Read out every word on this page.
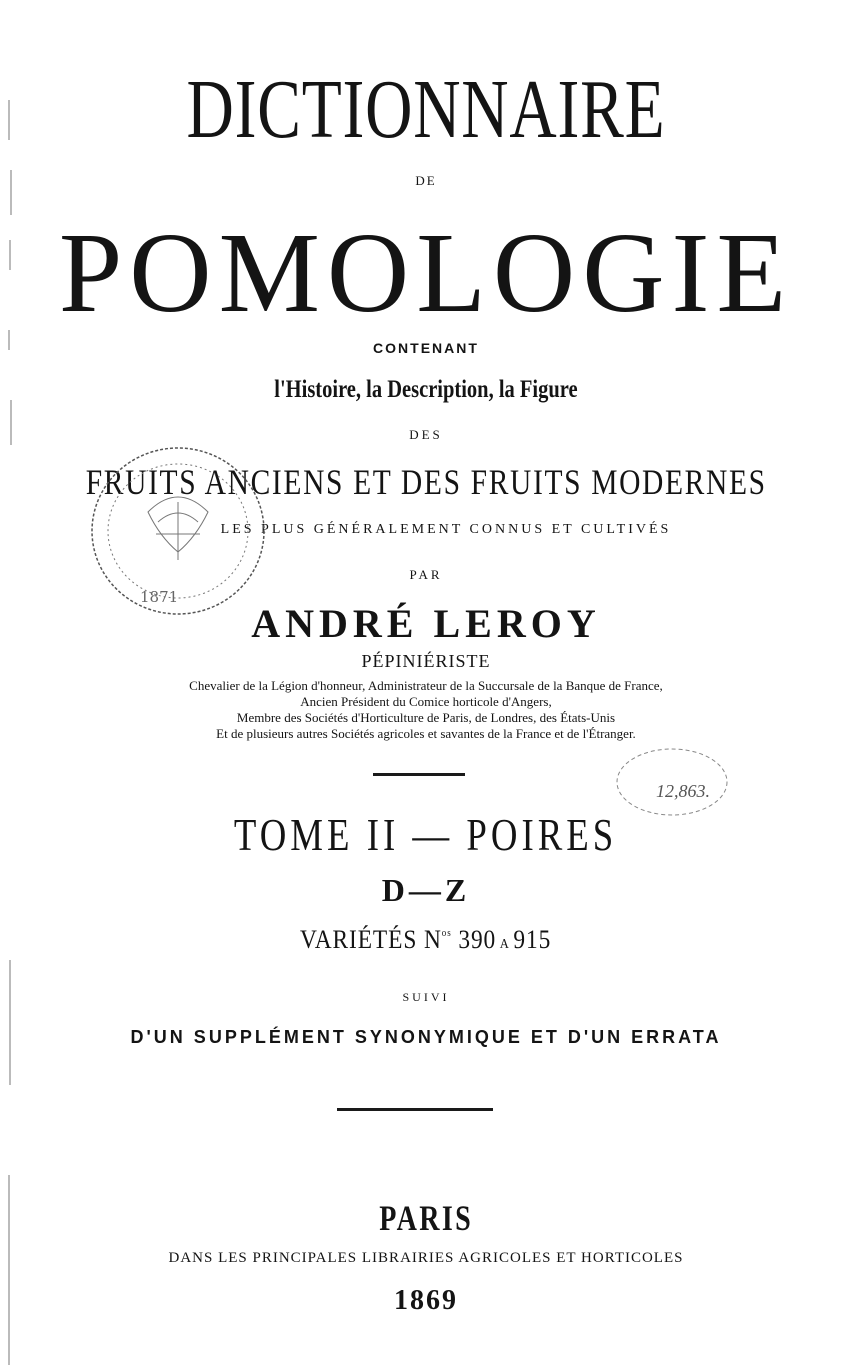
DICTIONNAIRE
DE
POMOLOGIE
CONTENANT
l'Histoire, la Description, la Figure
DES
FRUITS ANCIENS ET DES FRUITS MODERNES
LES PLUS GÉNÉRALEMENT CONNUS ET CULTIVÉS
1871
PAR
ANDRÉ LEROY
PÉPINIÉRISTE
Chevalier de la Légion d'honneur, Administrateur de la Succursale de la Banque de France,
Ancien Président du Comice horticole d'Angers,
Membre des Sociétés d'Horticulture de Paris, de Londres, des États-Unis
Et de plusieurs autres Sociétés agricoles et savantes de la France et de l'Étranger.
12,863.
TOME II — POIRES
D—Z
VARIÉTÉS $N^{os}$ 390 A 915
SUIVI
D'UN SUPPLÉMENT SYNONYMIQUE ET D'UN ERRATA
PARIS
DANS LES PRINCIPALES LIBRAIRIES AGRICOLES ET HORTICOLES
1869
